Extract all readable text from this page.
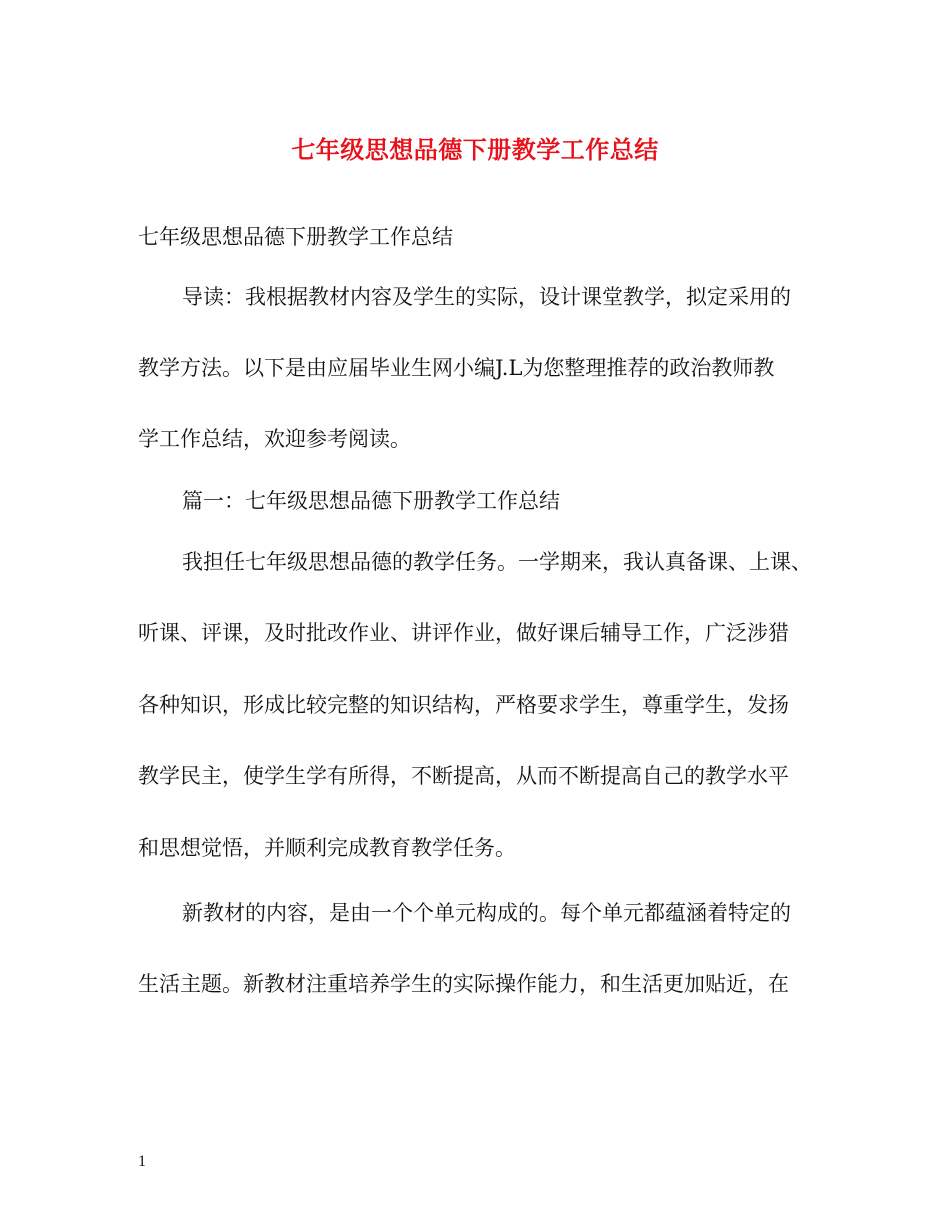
七年级思想品德下册教学工作总结

七年级思想品德下册教学工作总结

导读：我根据教材内容及学生的实际，设计课堂教学，拟定采用的

教学方法。以下是由应届毕业生网小编J.L为您整理推荐的政治教师教

学工作总结，欢迎参考阅读。

篇一：七年级思想品德下册教学工作总结

我担任七年级思想品德的教学任务。一学期来，我认真备课、上课、

听课、评课，及时批改作业、讲评作业，做好课后辅导工作，广泛涉猎

各种知识，形成比较完整的知识结构，严格要求学生，尊重学生，发扬

教学民主，使学生学有所得，不断提高，从而不断提高自己的教学水平

和思想觉悟，并顺利完成教育教学任务。

新教材的内容，是由一个个单元构成的。每个单元都蕴涵着特定的

生活主题。新教材注重培养学生的实际操作能力，和生活更加贴近，在

1
